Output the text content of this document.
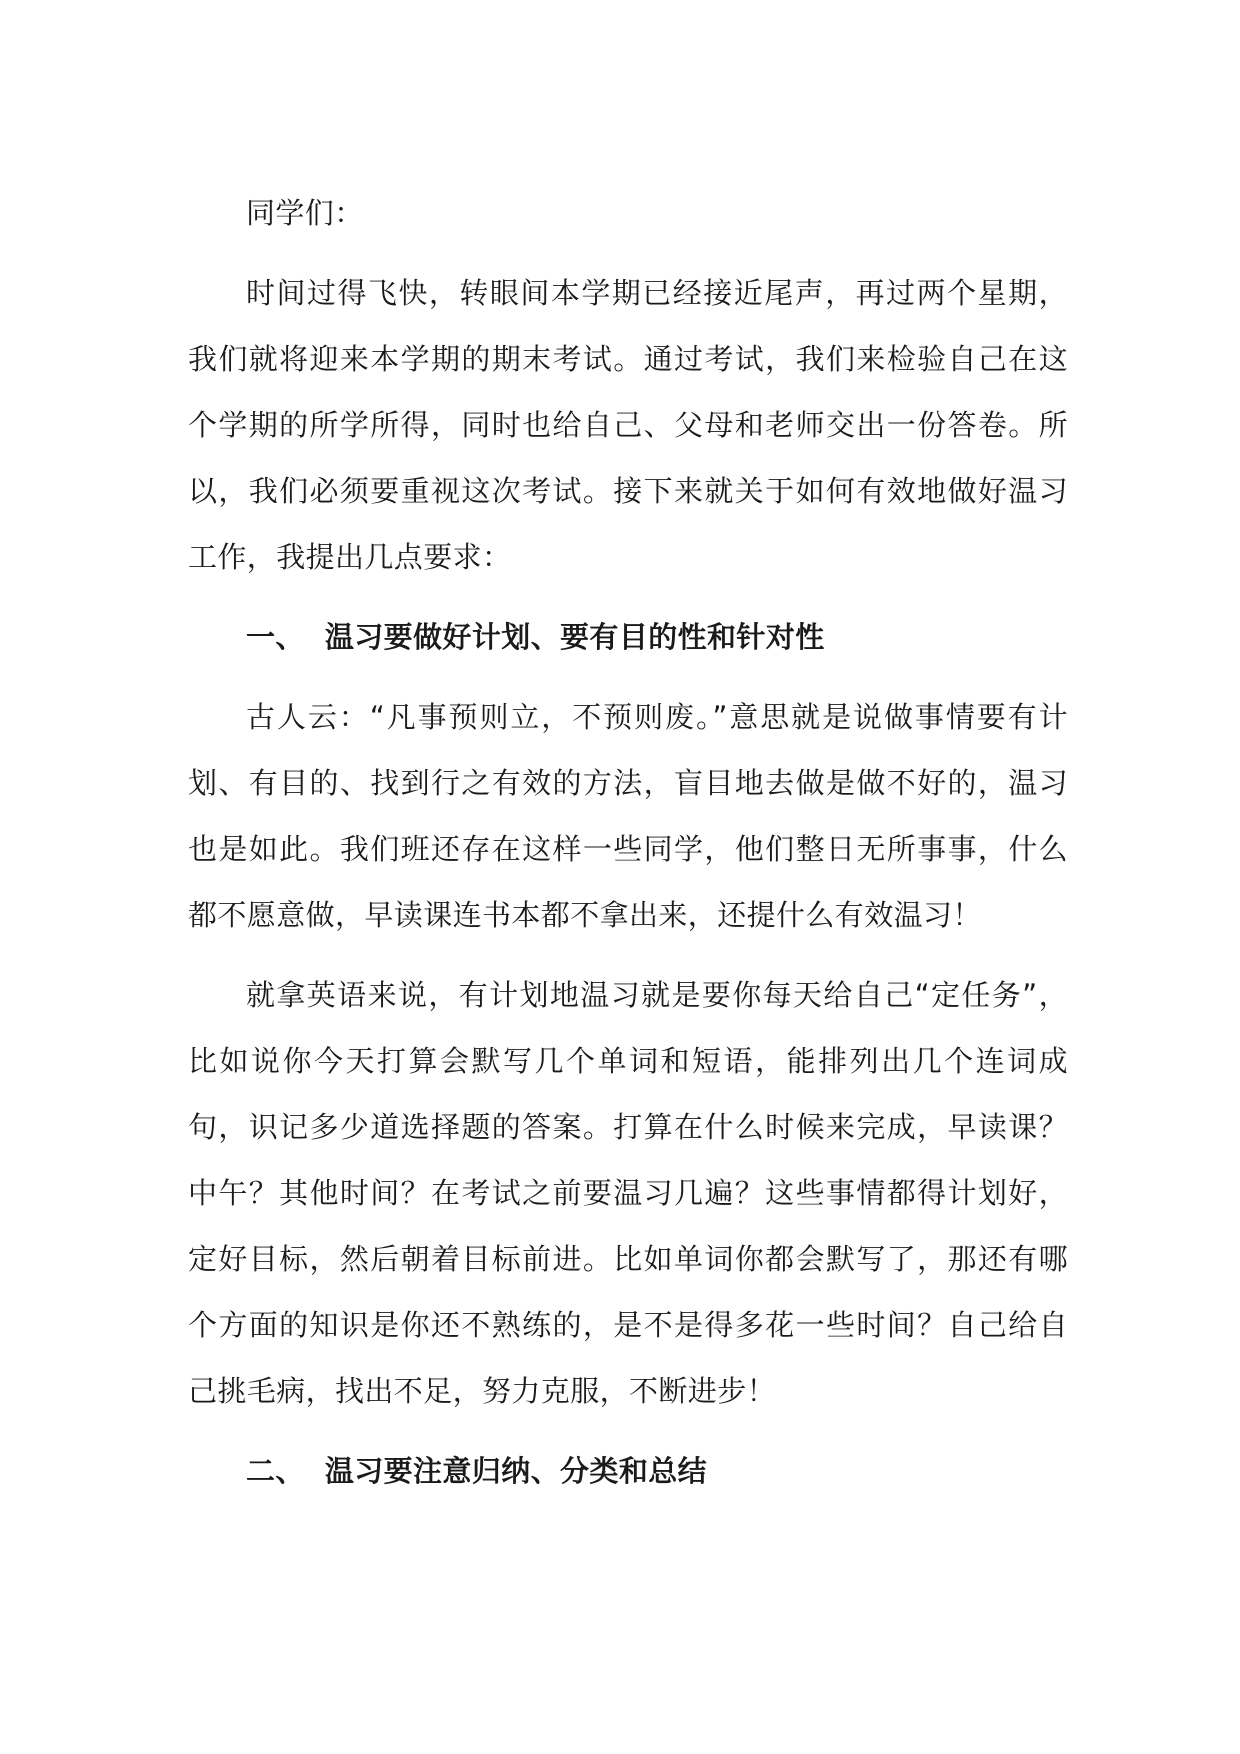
同学们：

时间过得飞快，转眼间本学期已经接近尾声，再过两个星期，我们就将迎来本学期的期末考试。通过考试，我们来检验自己在这个学期的所学所得，同时也给自己、父母和老师交出一份答卷。所以，我们必须要重视这次考试。接下来就关于如何有效地做好温习工作，我提出几点要求：

一、 温习要做好计划、要有目的性和针对性

古人云：“凡事预则立，不预则废。”意思就是说做事情要有计划、有目的、找到行之有效的方法，盲目地去做是做不好的，温习也是如此。我们班还存在这样一些同学，他们整日无所事事，什么都不愿意做，早读课连书本都不拿出来，还提什么有效温习！

就拿英语来说，有计划地温习就是要你每天给自己“定任务”，比如说你今天打算会默写几个单词和短语，能排列出几个连词成句，识记多少道选择题的答案。打算在什么时候来完成，早读课？中午？其他时间？在考试之前要温习几遍？这些事情都得计划好，定好目标，然后朝着目标前进。比如单词你都会默写了，那还有哪个方面的知识是你还不熟练的，是不是得多花一些时间？自己给自己挑毛病，找出不足，努力克服，不断进步！

二、 温习要注意归纳、分类和总结
